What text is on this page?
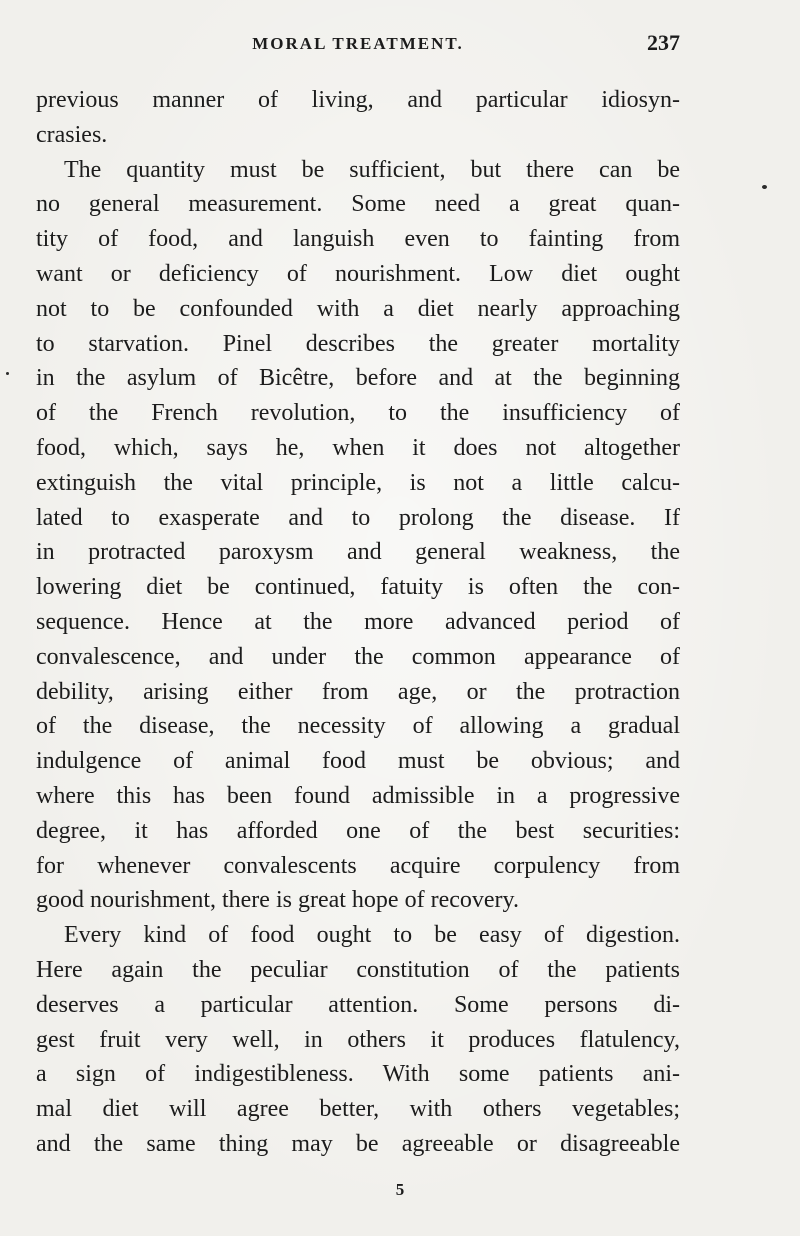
MORAL TREATMENT.	237
previous manner of living, and particular idiosyn-
crasies.
The quantity must be sufficient, but there can be
no general measurement. Some need a great quan-
tity of food, and languish even to fainting from
want or deficiency of nourishment. Low diet ought
not to be confounded with a diet nearly approaching
to starvation. Pinel describes the greater mortality
in the asylum of Bicêtre, before and at the beginning
of the French revolution, to the insufficiency of
food, which, says he, when it does not altogether
extinguish the vital principle, is not a little calcu-
lated to exasperate and to prolong the disease. If
in protracted paroxysm and general weakness, the
lowering diet be continued, fatuity is often the con-
sequence. Hence at the more advanced period of
convalescence, and under the common appearance of
debility, arising either from age, or the protraction
of the disease, the necessity of allowing a gradual
indulgence of animal food must be obvious; and
where this has been found admissible in a progressive
degree, it has afforded one of the best securities:
for whenever convalescents acquire corpulency from
good nourishment, there is great hope of recovery.
Every kind of food ought to be easy of digestion.
Here again the peculiar constitution of the patients
deserves a particular attention. Some persons di-
gest fruit very well, in others it produces flatulency,
a sign of indigestibleness. With some patients ani-
mal diet will agree better, with others vegetables;
and the same thing may be agreeable or disagreeable
5
